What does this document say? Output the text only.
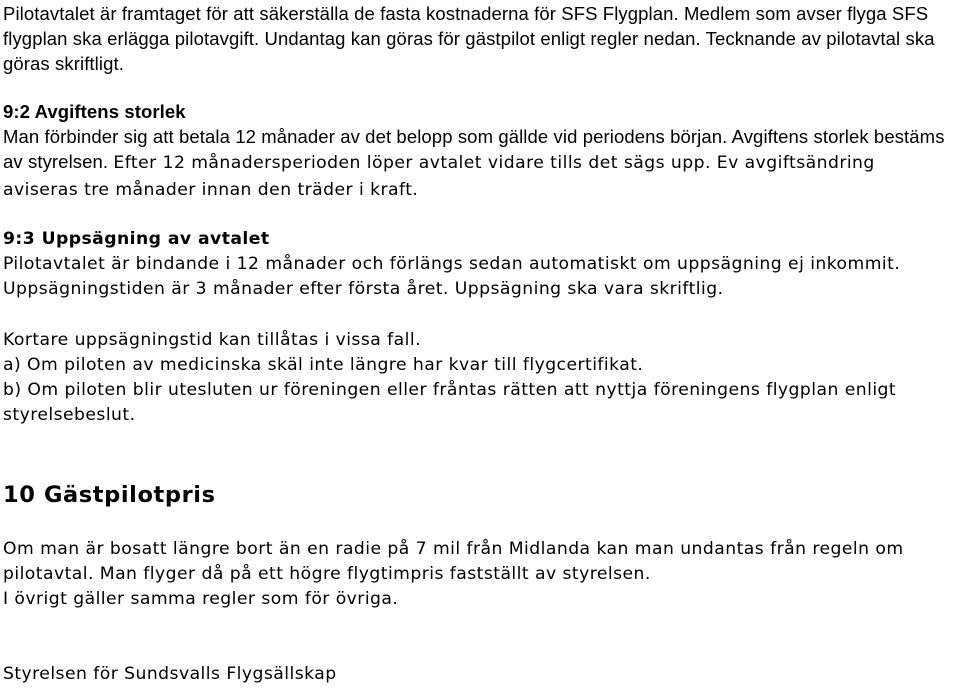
Pilotavtalet är framtaget för att säkerställa de fasta kostnaderna för SFS Flygplan. Medlem som avser flyga SFS flygplan ska erlägga pilotavgift. Undantag kan göras för gästpilot enligt regler nedan. Tecknande av pilotavtal ska göras skriftligt.

9:2 Avgiftens storlek

Man förbinder sig att betala 12 månader av det belopp som gällde vid periodens början. Avgiftens storlek bestäms av styrelsen. Efter 12 månadersperioden löper avtalet vidare tills det sägs upp. Ev avgiftsändring aviseras tre månader innan den träder i kraft.

9:3 Uppsägning av avtalet

Pilotavtalet är bindande i 12 månader och förlängs sedan automatiskt om uppsägning ej inkommit. Uppsägningstiden är 3 månader efter första året. Uppsägning ska vara skriftlig.

Kortare uppsägningstid kan tillåtas i vissa fall.

a) Om piloten av medicinska skäl inte längre har kvar till flygcertifikat.

b) Om piloten blir utesluten ur föreningen eller fråntas rätten att nyttja föreningens flygplan enligt styrelsebeslut.

10 Gästpilotpris

Om man är bosatt längre bort än en radie på 7 mil från Midlanda kan man undantas från regeln om pilotavtal. Man flyger då på ett högre flygtimpris fastställt av styrelsen.

I övrigt gäller samma regler som för övriga.

Styrelsen för Sundsvalls Flygsällskap
